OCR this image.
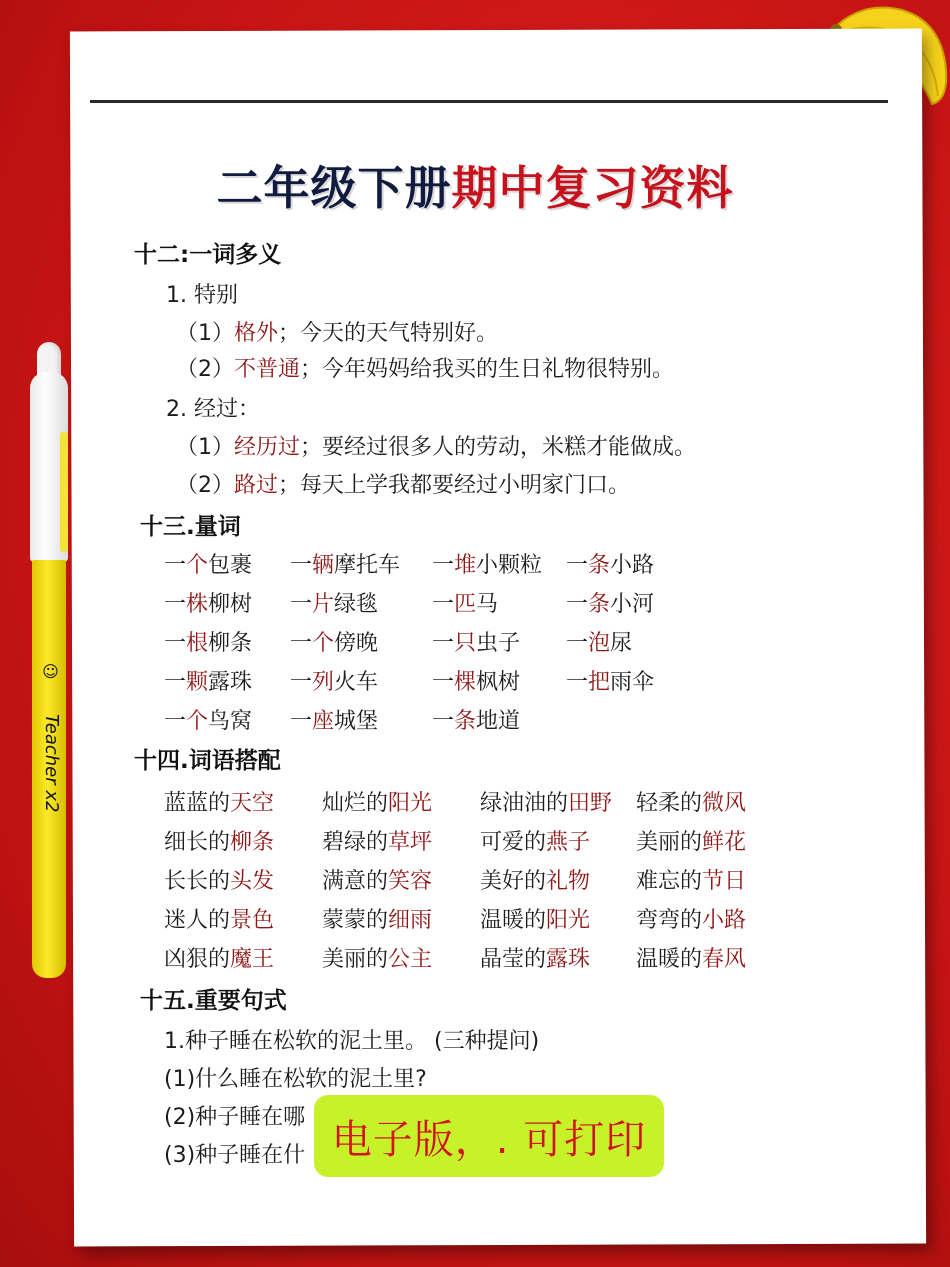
二年级下册期中复习资料
十二:一词多义
1. 特别
（1）格外；今天的天气特别好。
（2）不普通；今年妈妈给我买的生日礼物很特别。
2. 经过：
（1）经历过；要经过很多人的劳动，米糕才能做成。
（2）路过；每天上学我都要经过小明家门口。
十三.量词
一个包裹 一辆摩托车 一堆小颗粒 一条小路
一株柳树 一片绿毯 一匹马	一条小河
一根柳条 一个傍晚 一只虫子 一泡尿
一颗露珠 一列火车 一棵枫树 一把雨伞
一个鸟窝 一座城堡 一条地道
十四.词语搭配
蓝蓝的天空 灿烂的阳光 绿油油的田野 轻柔的微风
细长的柳条 碧绿的草坪 可爱的燕子 美丽的鲜花
长长的头发 满意的笑容 美好的礼物 难忘的节日
迷人的景色 蒙蒙的细雨 温暖的阳光 弯弯的小路
凶狠的魔王 美丽的公主 晶莹的露珠 温暖的春风
十五.重要句式
1.种子睡在松软的泥土里。 (三种提问)
(1)什么睡在松软的泥土里?
(2)种子睡在哪
(3)种子睡在什
☺
Teacher x2
电子版，. 可打印
